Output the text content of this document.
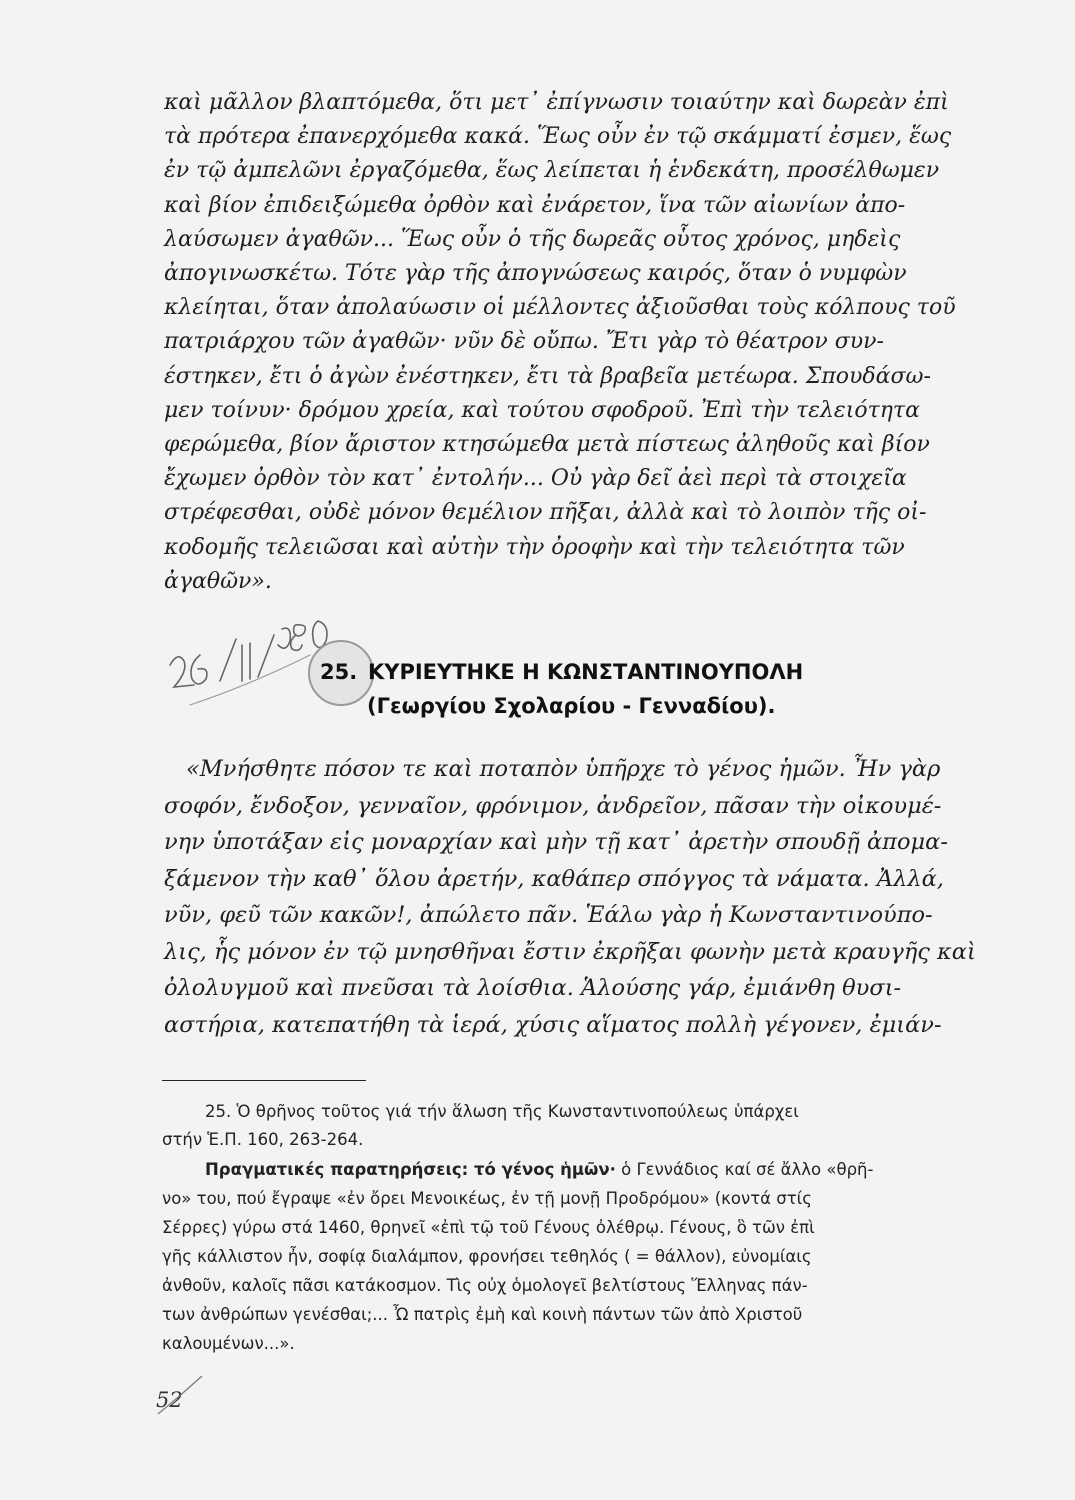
καὶ μᾶλλον βλαπτόμεθα, ὅτι μετ᾽ ἐπίγνωσιν τοιαύτην καὶ δωρεὰν ἐπὶ
τὰ πρότερα ἐπανερχόμεθα κακά. Ἕως οὖν ἐν τῷ σκάμματί ἐσμεν, ἕως
ἐν τῷ ἀμπελῶνι ἐργαζόμεθα, ἕως λείπεται ἡ ἑνδεκάτη, προσέλθωμεν
καὶ βίον ἐπιδειξώμεθα ὀρθὸν καὶ ἐνάρετον, ἵνα τῶν αἰωνίων ἀπο-
λαύσωμεν ἀγαθῶν... Ἕως οὖν ὁ τῆς δωρεᾶς οὗτος χρόνος, μηδεὶς
ἀπογινωσκέτω. Τότε γὰρ τῆς ἀπογνώσεως καιρός, ὅταν ὁ νυμφὼν
κλείηται, ὅταν ἀπολαύωσιν οἱ μέλλοντες ἀξιοῦσθαι τοὺς κόλπους τοῦ
πατριάρχου τῶν ἀγαθῶν· νῦν δὲ οὔπω. Ἔτι γὰρ τὸ θέατρον συν-
έστηκεν, ἔτι ὁ ἀγὼν ἐνέστηκεν, ἔτι τὰ βραβεῖα μετέωρα. Σπουδάσω-
μεν τοίνυν· δρόμου χρεία, καὶ τούτου σφοδροῦ. Ἐπὶ τὴν τελειότητα
φερώμεθα, βίον ἄριστον κτησώμεθα μετὰ πίστεως ἀληθοῦς καὶ βίον
ἔχωμεν ὀρθὸν τὸν κατ᾽ ἐντολήν... Οὐ γὰρ δεῖ ἀεὶ περὶ τὰ στοιχεῖα
στρέφεσθαι, οὐδὲ μόνον θεμέλιον πῆξαι, ἀλλὰ καὶ τὸ λοιπὸν τῆς οἰ-
κοδομῆς τελειῶσαι καὶ αὐτὴν τὴν ὀροφὴν καὶ τὴν τελειότητα τῶν
ἀγαθῶν».
25. ΚΥΡΙΕΥΤΗΚΕ Η ΚΩΝΣΤΑΝΤΙΝΟΥΠΟΛΗ
(Γεωργίου Σχολαρίου - Γενναδίου).
«Μνήσθητε πόσον τε καὶ ποταπὸν ὑπῆρχε τὸ γένος ἡμῶν. Ἦν γὰρ
σοφόν, ἔνδοξον, γενναῖον, φρόνιμον, ἀνδρεῖον, πᾶσαν τὴν οἰκουμέ-
νην ὑποτάξαν εἰς μοναρχίαν καὶ μὴν τῇ κατ᾽ ἀρετὴν σπουδῇ ἀπομα-
ξάμενον τὴν καθ᾽ ὅλου ἀρετήν, καθάπερ σπόγγος τὰ νάματα. Ἀλλά,
νῦν, φεῦ τῶν κακῶν!, ἀπώλετο πᾶν. Ἑάλω γὰρ ἡ Κωνσταντινούπο-
λις, ἧς μόνον ἐν τῷ μνησθῆναι ἔστιν ἐκρῆξαι φωνὴν μετὰ κραυγῆς καὶ
ὀλολυγμοῦ καὶ πνεῦσαι τὰ λοίσθια. Ἁλούσης γάρ, ἐμιάνθη θυσι-
αστήρια, κατεπατήθη τὰ ἱερά, χύσις αἵματος πολλὴ γέγονεν, ἐμιάν-
25. Ὁ θρῆνος τοῦτος γιά τήν ἅλωση τῆς Κωνσταντινοπούλεως ὑπάρχει
στήν Ἑ.Π. 160, 263-264.
Πραγματικές παρατηρήσεις: τό γένος ἡμῶν· ὁ Γεννάδιος καί σέ ἄλλο «θρῆ-
νο» του, πού ἔγραψε «ἐν ὄρει Μενοικέως, ἐν τῇ μονῇ Προδρόμου» (κοντά στίς
Σέρρες) γύρω στά 1460, θρηνεῖ «ἐπὶ τῷ τοῦ Γένους ὀλέθρῳ. Γένους, ὃ τῶν ἐπὶ
γῆς κάλλιστον ἦν, σοφίᾳ διαλάμπον, φρονήσει τεθηλός ( = θάλλον), εὐνομίαις
ἀνθοῦν, καλοῖς πᾶσι κατάκοσμον. Τὶς οὐχ ὁμολογεῖ βελτίστους Ἕλληνας πάν-
των ἀνθρώπων γενέσθαι;... Ὦ πατρὶς ἐμὴ καὶ κοινὴ πάντων τῶν ἀπὸ Χριστοῦ
καλουμένων...».
52
